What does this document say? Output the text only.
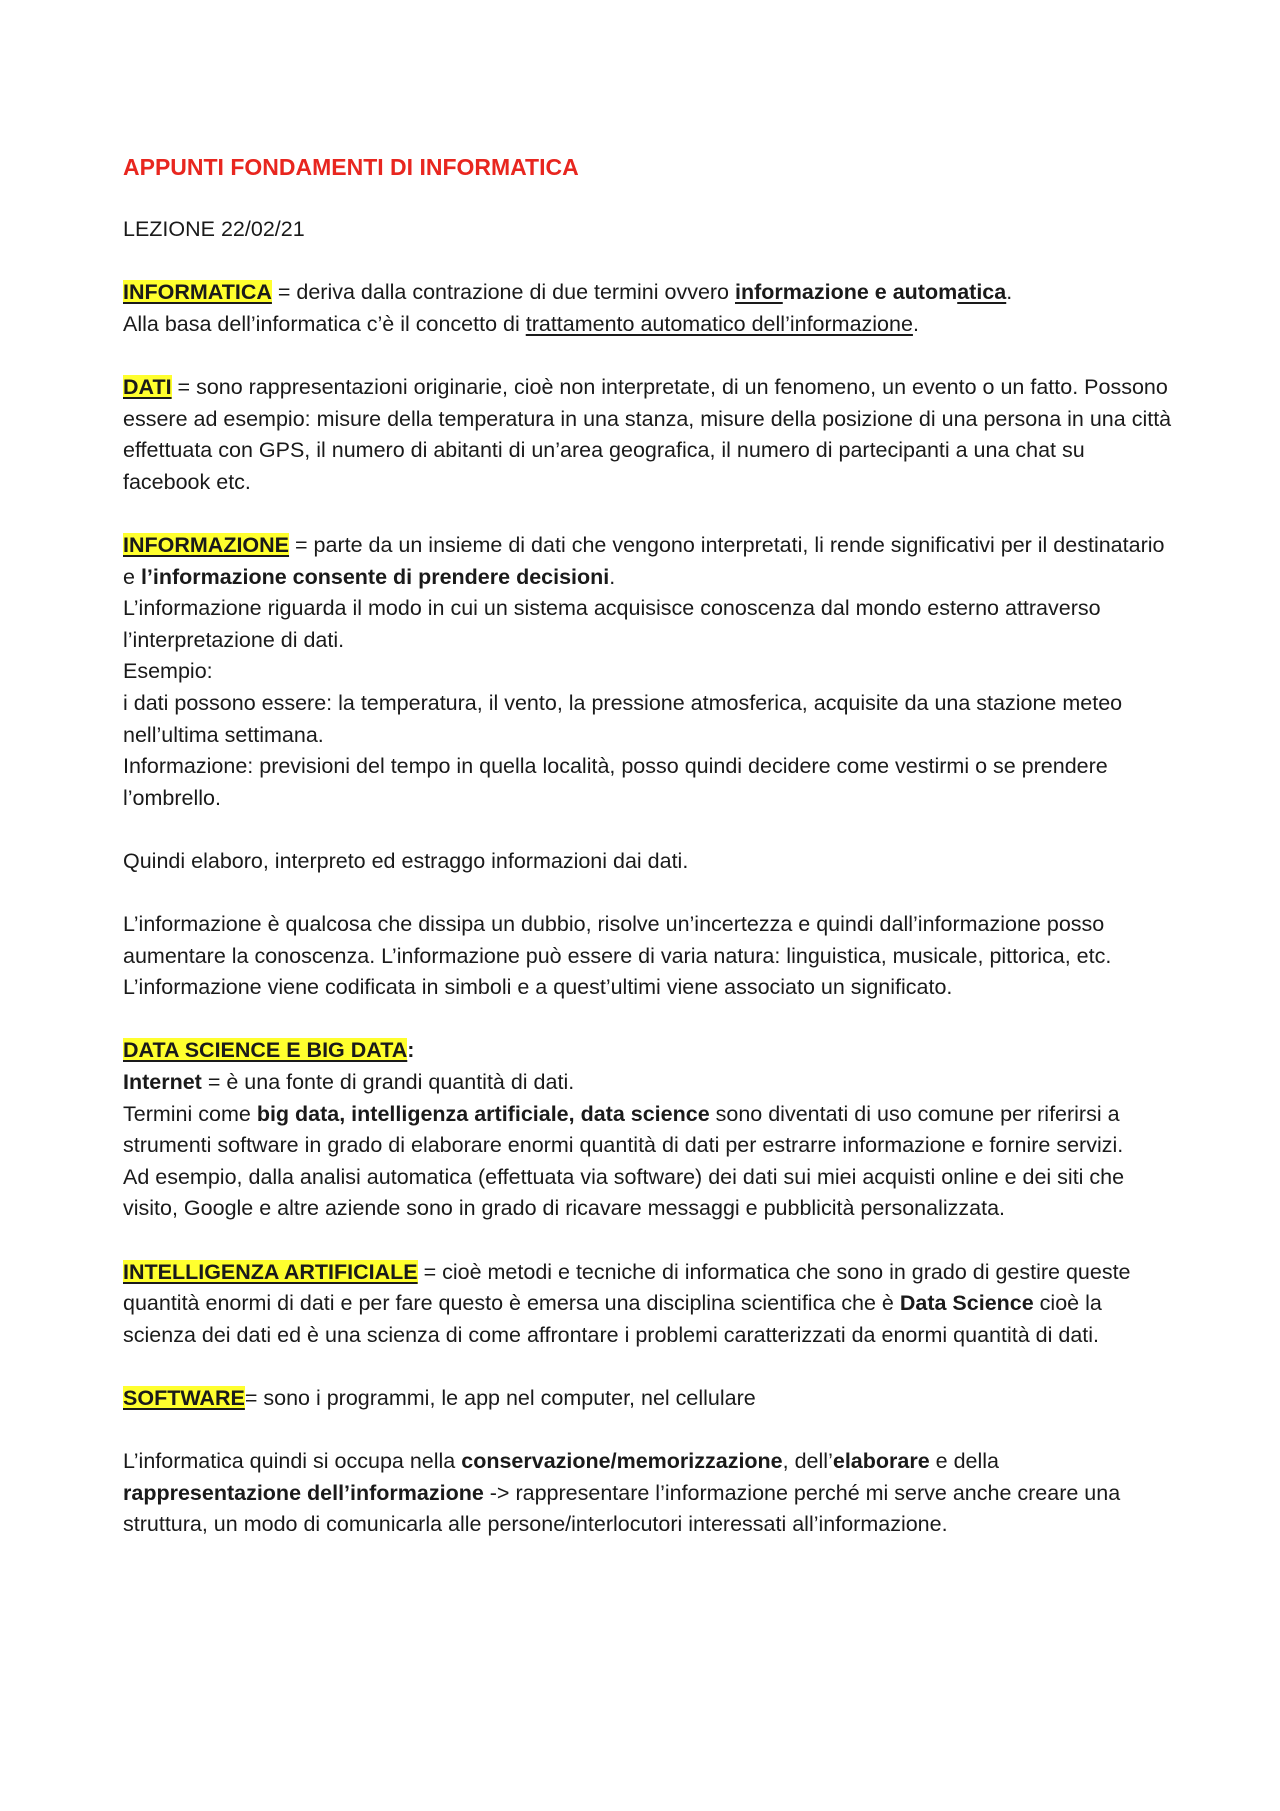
APPUNTI FONDAMENTI DI INFORMATICA

LEZIONE 22/02/21

INFORMATICA = deriva dalla contrazione di due termini ovvero informazione e automatica.

Alla basa dell’informatica c’è il concetto di trattamento automatico dell’informazione.

DATI = sono rappresentazioni originarie, cioè non interpretate, di un fenomeno, un evento o un fatto. Possono essere ad esempio: misure della temperatura in una stanza, misure della posizione di una persona in una città effettuata con GPS, il numero di abitanti di un’area geografica, il numero di partecipanti a una chat su facebook etc.

INFORMAZIONE = parte da un insieme di dati che vengono interpretati, li rende significativi per il destinatario e l’informazione consente di prendere decisioni.

L’informazione riguarda il modo in cui un sistema acquisisce conoscenza dal mondo esterno attraverso l’interpretazione di dati.

Esempio:

i dati possono essere: la temperatura, il vento, la pressione atmosferica, acquisite da una stazione meteo nell’ultima settimana.

Informazione: previsioni del tempo in quella località, posso quindi decidere come vestirmi o se prendere l’ombrello.

Quindi elaboro, interpreto ed estraggo informazioni dai dati.

L’informazione è qualcosa che dissipa un dubbio, risolve un’incertezza e quindi dall’informazione posso aumentare la conoscenza. L’informazione può essere di varia natura: linguistica, musicale, pittorica, etc.

L’informazione viene codificata in simboli e a quest’ultimi viene associato un significato.

DATA SCIENCE E BIG DATA:

Internet = è una fonte di grandi quantità di dati.

Termini come big data, intelligenza artificiale, data science sono diventati di uso comune per riferirsi a strumenti software in grado di elaborare enormi quantità di dati per estrarre informazione e fornire servizi.

Ad esempio, dalla analisi automatica (effettuata via software) dei dati sui miei acquisti online e dei siti che visito, Google e altre aziende sono in grado di ricavare messaggi e pubblicità personalizzata.

INTELLIGENZA ARTIFICIALE = cioè metodi e tecniche di informatica che sono in grado di gestire queste quantità enormi di dati e per fare questo è emersa una disciplina scientifica che è Data Science cioè la scienza dei dati ed è una scienza di come affrontare i problemi caratterizzati da enormi quantità di dati.

SOFTWARE= sono i programmi, le app nel computer, nel cellulare

L’informatica quindi si occupa nella conservazione/memorizzazione, dell’elaborare e della rappresentazione dell’informazione -> rappresentare l’informazione perché mi serve anche creare una struttura, un modo di comunicarla alle persone/interlocutori interessati all’informazione.
